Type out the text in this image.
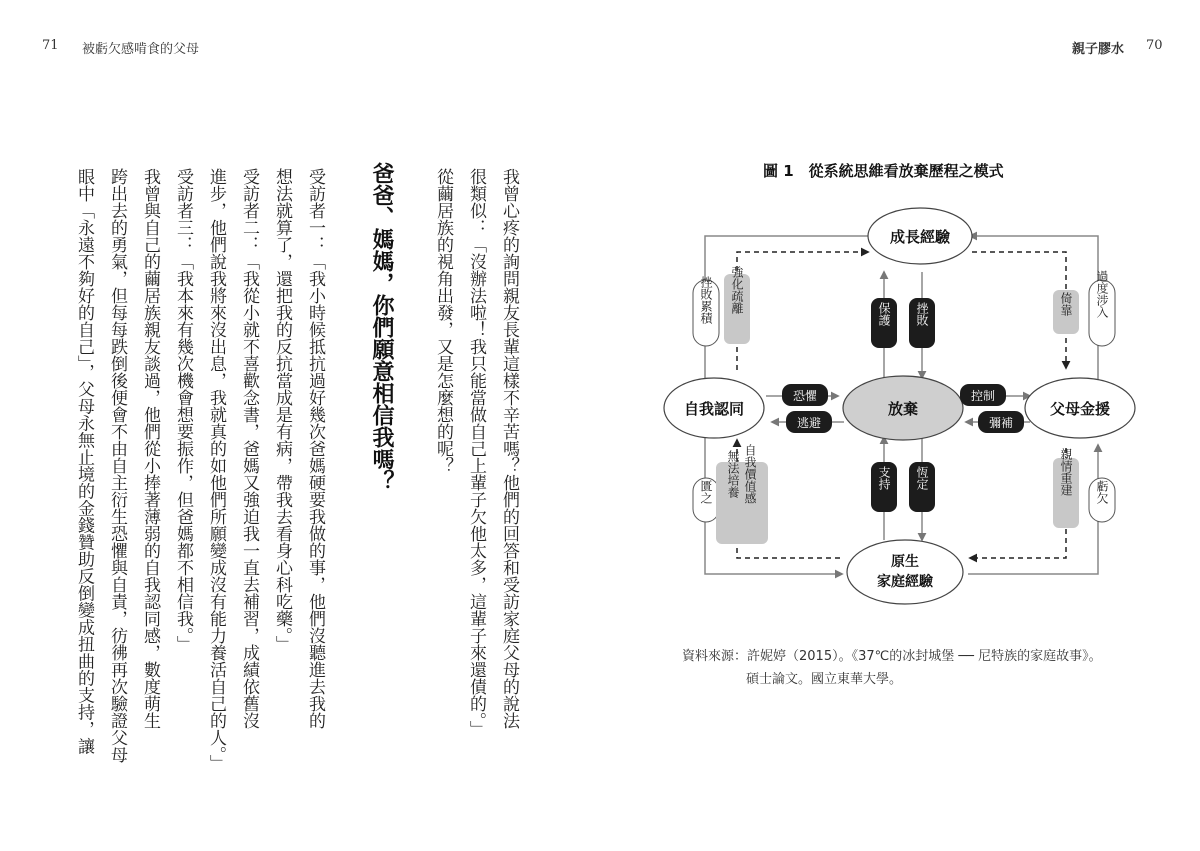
71 被虧欠感啃食的父母	親子膠水 70
我曾心疼的詢問親友長輩這樣不辛苦嗎？他們的回答和受訪家庭父母的說法
很類似：「沒辦法啦！我只能當做自己上輩子欠他太多，這輩子來還債的。」
從繭居族的視角出發，又是怎麼想的呢？
爸爸、媽媽，你們願意相信我嗎？
受訪者一：「我小時候抵抗過好幾次爸媽硬要我做的事，他們沒聽進去我的
想法就算了，還把我的反抗當成是有病，帶我去看身心科吃藥。」
受訪者二：「我從小就不喜歡念書，爸媽又強迫我一直去補習，成績依舊沒
進步，他們說我將來沒出息，我就真的如他們所願變成沒有能力養活自己的人。」
受訪者三：「我本來有幾次機會想要振作，但爸媽都不相信我。」
我曾與自己的繭居族親友談過，他們從小捧著薄弱的自我認同感，數度萌生
跨出去的勇氣，但每每跌倒後便會不由自主衍生恐懼與自責，彷彿再次驗證父母
眼中「永遠不夠好的自己」，父母永無止境的金錢贊助反倒變成扭曲的支持，讓	圖 1　從系統思維看放棄歷程之模式
成長經驗
自我認同	放棄	父母金援
原生
家庭經驗
挫敗累積 強化疏離	過度涉入
倚靠
匱之	自我價值感
無法培養	親情重建 虧欠
保護 挫敗
支持 恆定
恐懼
逃避
控制
彌補
資料來源：許妮婷（2015）。《37℃的冰封城堡 ── 尼特族的家庭故事》。
碩士論文。國立東華大學。
